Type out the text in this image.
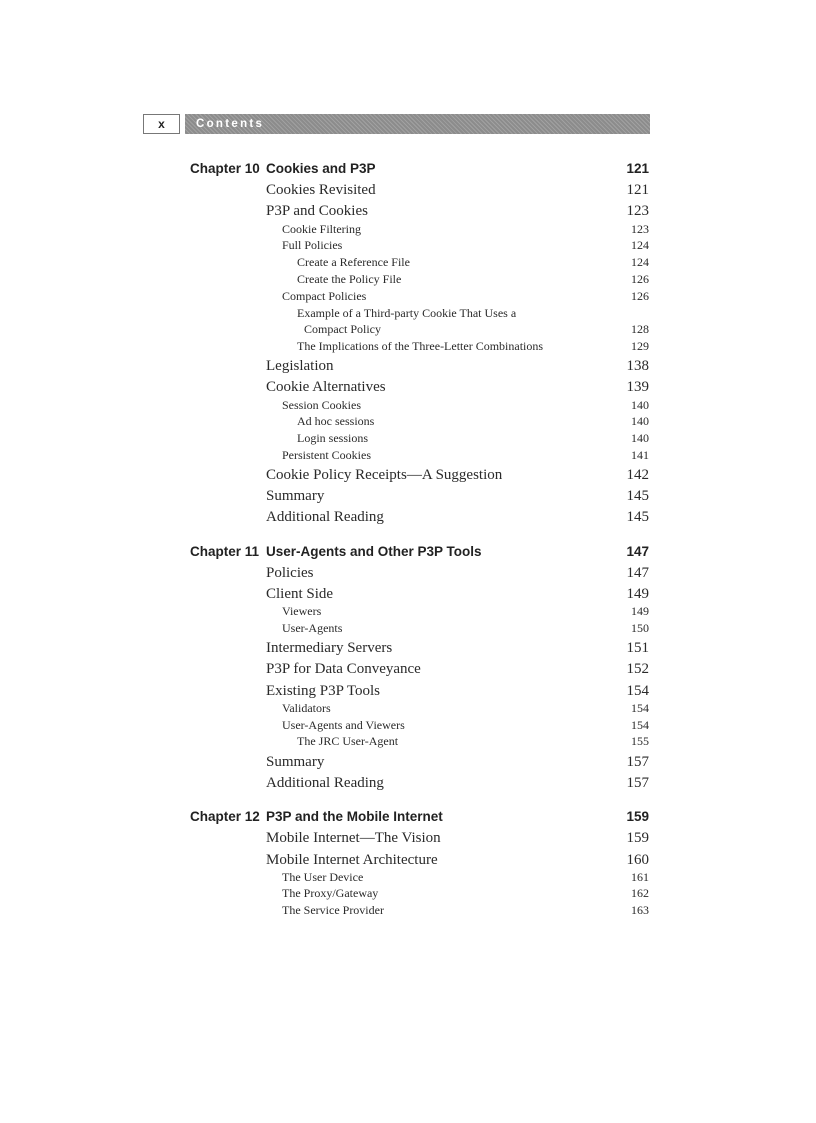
x	Contents
Chapter 10 Cookies and P3P	121
Cookies Revisited	121
P3P and Cookies	123
Cookie Filtering	123
Full Policies	124
Create a Reference File	124
Create the Policy File	126
Compact Policies	126
Example of a Third-party Cookie That Uses a
Compact Policy	128
The Implications of the Three-Letter Combinations	129
Legislation	138
Cookie Alternatives	139
Session Cookies	140
Ad hoc sessions	140
Login sessions	140
Persistent Cookies	141
Cookie Policy Receipts—A Suggestion	142
Summary	145
Additional Reading	145
Chapter 11 User-Agents and Other P3P Tools	147
Policies	147
Client Side	149
Viewers	149
User-Agents	150
Intermediary Servers	151
P3P for Data Conveyance	152
Existing P3P Tools	154
Validators	154
User-Agents and Viewers	154
The JRC User-Agent	155
Summary	157
Additional Reading	157
Chapter 12 P3P and the Mobile Internet	159
Mobile Internet—The Vision	159
Mobile Internet Architecture	160
The User Device	161
The Proxy/Gateway	162
The Service Provider	163
